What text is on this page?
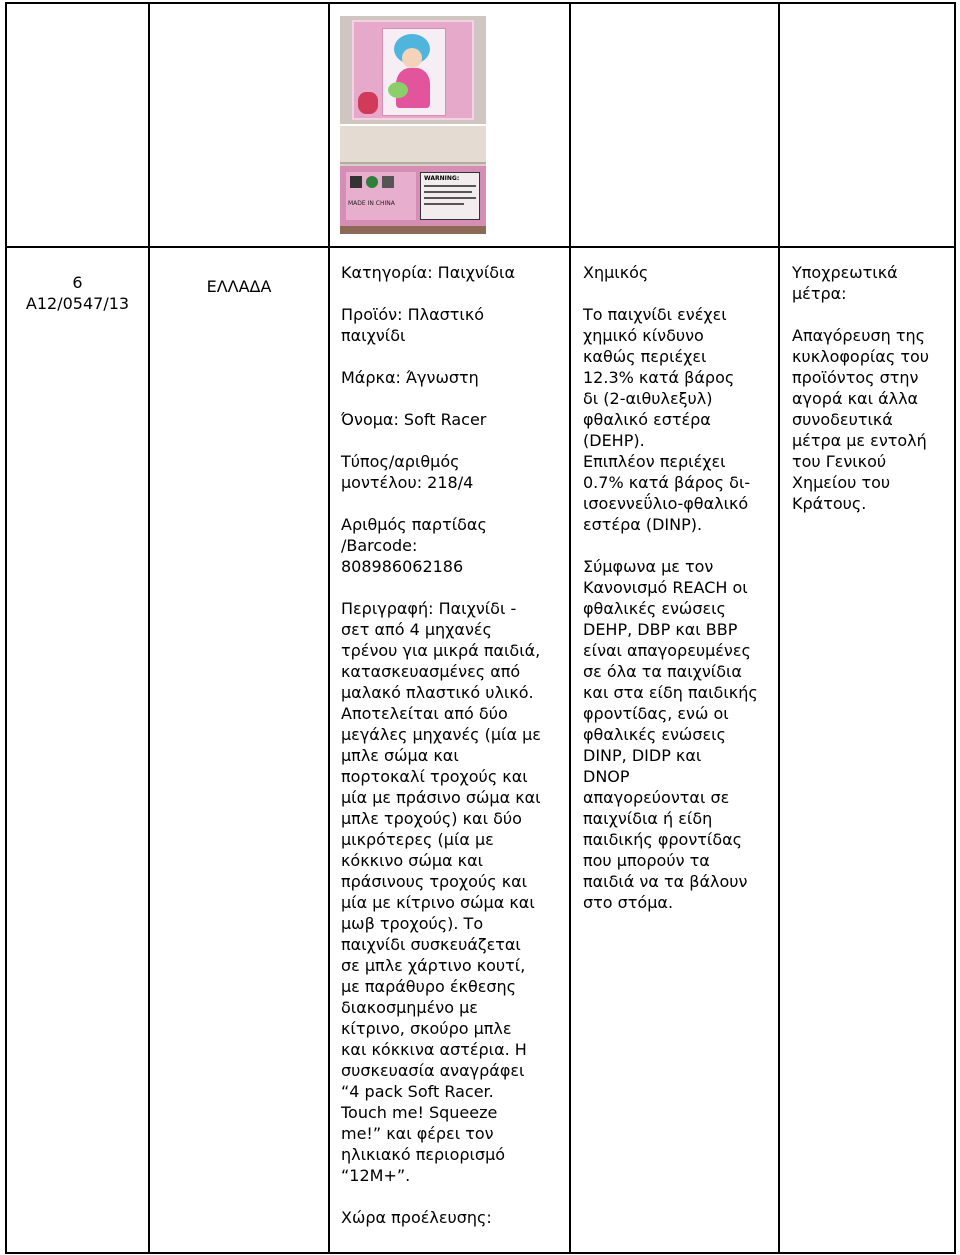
MADE IN CHINA
WARNING:
6
A12/0547/13
ΕΛΛΑΔΑ
Κατηγορία: Παιχνίδια
Προϊόν: Πλαστικό
παιχνίδι
Μάρκα: Άγνωστη
Όνομα: Soft Racer
Τύπος/αριθμός
μοντέλου: 218/4
Αριθμός παρτίδας
/Barcode:
808986062186
Περιγραφή: Παιχνίδι -
σετ από 4 μηχανές
τρένου για μικρά παιδιά,
κατασκευασμένες από
μαλακό πλαστικό υλικό.
Αποτελείται από δύο
μεγάλες μηχανές (μία με
μπλε σώμα και
πορτοκαλί τροχούς και
μία με πράσινο σώμα και
μπλε τροχούς) και δύο
μικρότερες (μία με
κόκκινο σώμα και
πράσινους τροχούς και
μία με κίτρινο σώμα και
μωβ τροχούς). Το
παιχνίδι συσκευάζεται
σε μπλε χάρτινο κουτί,
με παράθυρο έκθεσης
διακοσμημένο με
κίτρινο, σκούρο μπλε
και κόκκινα αστέρια. Η
συσκευασία αναγράφει
“4 pack Soft Racer.
Touch me! Squeeze
me!” και φέρει τον
ηλικιακό περιορισμό
“12M+”.
Χώρα προέλευσης:
Χημικός
Το παιχνίδι ενέχει
χημικό κίνδυνο
καθώς περιέχει
12.3% κατά βάρος
δι (2-αιθυλεξυλ)
φθαλικό εστέρα
(DEHP).
Επιπλέον περιέχει
0.7% κατά βάρος δι-
ισοεννεΰλιο-φθαλικό
εστέρα (DINP).
Σύμφωνα με τον
Κανονισμό REACH οι
φθαλικές ενώσεις
DEHP, DBP και BBP
είναι απαγορευμένες
σε όλα τα παιχνίδια
και στα είδη παιδικής
φροντίδας, ενώ οι
φθαλικές ενώσεις
DINP, DIDP και
DNOP
απαγορεύονται σε
παιχνίδια ή είδη
παιδικής φροντίδας
που μπορούν τα
παιδιά να τα βάλουν
στο στόμα.
Υποχρεωτικά
μέτρα:
Απαγόρευση της
κυκλοφορίας του
προϊόντος στην
αγορά και άλλα
συνοδευτικά
μέτρα με εντολή
του Γενικού
Χημείου του
Κράτους.
